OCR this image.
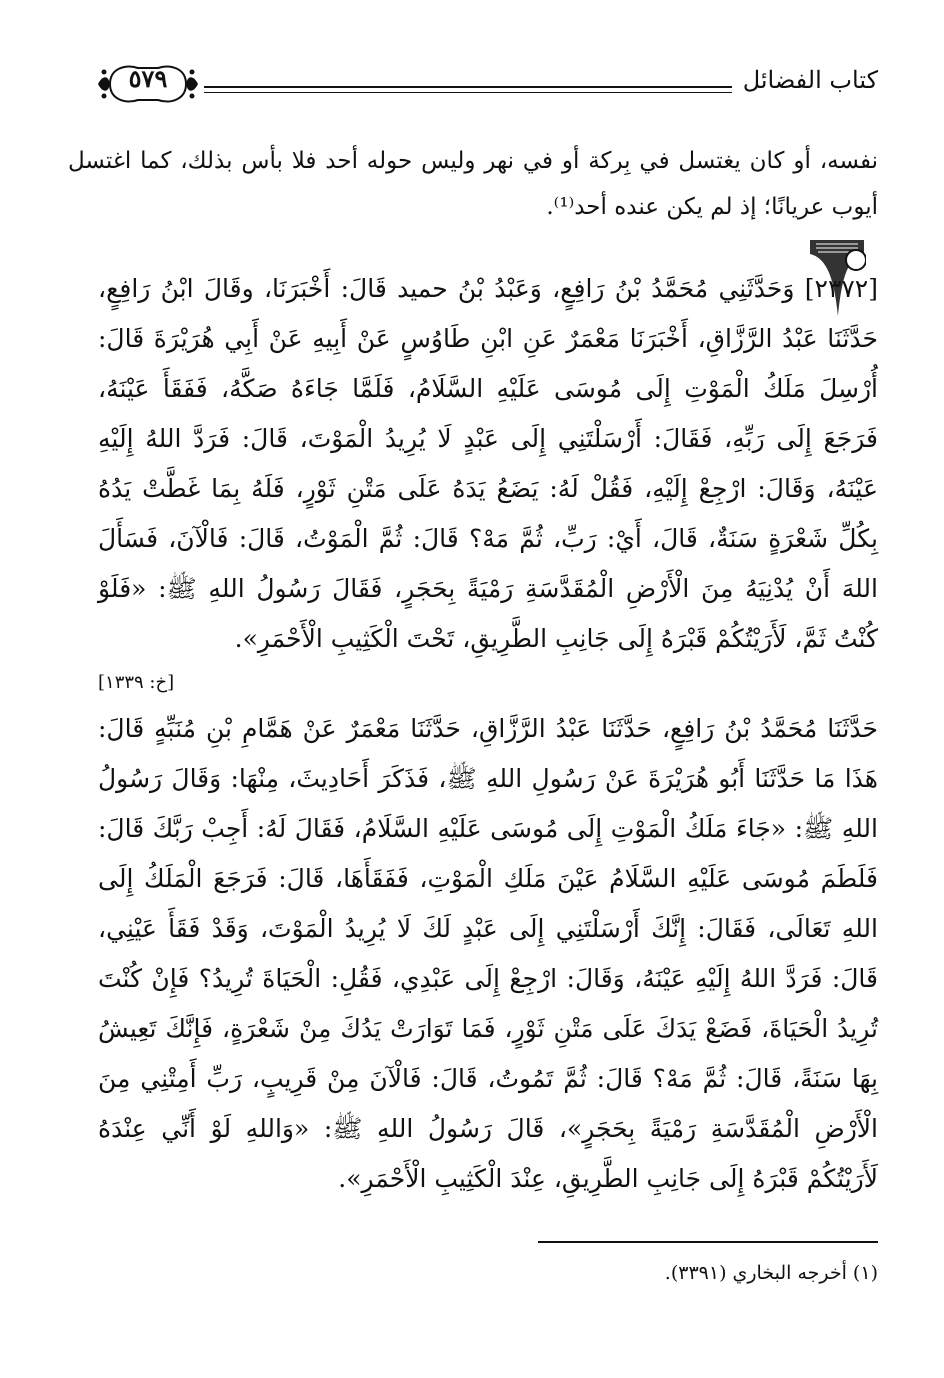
كتاب الفضائل
٥٧٩
نفسه، أو كان يغتسل في بِركة أو في نهر وليس حوله أحد فلا بأس بذلك، كما اغتسل أيوب عريانًا؛ إذ لم يكن عنده أحد⁽¹⁾.

[٢٣٧٢] وَحَدَّثَنِي مُحَمَّدُ بْنُ رَافِعٍ، وَعَبْدُ بْنُ حميد قَالَ: أَخْبَرَنَا، وقَالَ ابْنُ رَافِعٍ، حَدَّثَنَا عَبْدُ الرَّزَّاقِ، أَخْبَرَنَا مَعْمَرٌ عَنِ ابْنِ طَاوُسٍ عَنْ أَبِيهِ عَنْ أَبِي هُرَيْرَةَ قَالَ: أُرْسِلَ مَلَكُ الْمَوْتِ إِلَى مُوسَى عَلَيْهِ السَّلَامُ، فَلَمَّا جَاءَهُ صَكَّهُ، فَفَقَأَ عَيْنَهُ، فَرَجَعَ إِلَى رَبِّهِ، فَقَالَ: أَرْسَلْتَنِي إِلَى عَبْدٍ لَا يُرِيدُ الْمَوْتَ، قَالَ: فَرَدَّ اللهُ إِلَيْهِ عَيْنَهُ، وَقَالَ: ارْجِعْ إِلَيْهِ، فَقُلْ لَهُ: يَضَعُ يَدَهُ عَلَى مَتْنِ ثَوْرٍ، فَلَهُ بِمَا غَطَّتْ يَدُهُ بِكُلِّ شَعْرَةٍ سَنَةٌ، قَالَ، أَيْ: رَبِّ، ثُمَّ مَهْ؟ قَالَ: ثُمَّ الْمَوْتُ، قَالَ: فَالْآنَ، فَسَأَلَ اللهَ أَنْ يُدْنِيَهُ مِنَ الْأَرْضِ الْمُقَدَّسَةِ رَمْيَةً بِحَجَرٍ، فَقَالَ رَسُولُ اللهِ ﷺ: «فَلَوْ كُنْتُ ثَمَّ، لَأَرَيْتُكُمْ قَبْرَهُ إِلَى جَانِبِ الطَّرِيقِ، تَحْتَ الْكَثِيبِ الْأَحْمَرِ».

[خ: ١٣٣٩]

حَدَّثَنَا مُحَمَّدُ بْنُ رَافِعٍ، حَدَّثَنَا عَبْدُ الرَّزَّاقِ، حَدَّثَنَا مَعْمَرٌ عَنْ هَمَّامِ بْنِ مُنَبِّهٍ قَالَ: هَذَا مَا حَدَّثَنَا أَبُو هُرَيْرَةَ عَنْ رَسُولِ اللهِ ﷺ، فَذَكَرَ أَحَادِيثَ، مِنْهَا: وَقَالَ رَسُولُ اللهِ ﷺ: «جَاءَ مَلَكُ الْمَوْتِ إِلَى مُوسَى عَلَيْهِ السَّلَامُ، فَقَالَ لَهُ: أَجِبْ رَبَّكَ قَالَ: فَلَطَمَ مُوسَى عَلَيْهِ السَّلَامُ عَيْنَ مَلَكِ الْمَوْتِ، فَفَقَأَهَا، قَالَ: فَرَجَعَ الْمَلَكُ إِلَى اللهِ تَعَالَى، فَقَالَ: إِنَّكَ أَرْسَلْتَنِي إِلَى عَبْدٍ لَكَ لَا يُرِيدُ الْمَوْتَ، وَقَدْ فَقَأَ عَيْنِي، قَالَ: فَرَدَّ اللهُ إِلَيْهِ عَيْنَهُ، وَقَالَ: ارْجِعْ إِلَى عَبْدِي، فَقُلِ: الْحَيَاةَ تُرِيدُ؟ فَإِنْ كُنْتَ تُرِيدُ الْحَيَاةَ، فَضَعْ يَدَكَ عَلَى مَتْنِ ثَوْرٍ، فَمَا تَوَارَتْ يَدُكَ مِنْ شَعْرَةٍ، فَإِنَّكَ تَعِيشُ بِهَا سَنَةً، قَالَ: ثُمَّ مَهْ؟ قَالَ: ثُمَّ تَمُوتُ، قَالَ: فَالْآنَ مِنْ قَرِيبٍ، رَبِّ أَمِتْنِي مِنَ الْأَرْضِ الْمُقَدَّسَةِ رَمْيَةً بِحَجَرٍ»، قَالَ رَسُولُ اللهِ ﷺ: «وَاللهِ لَوْ أَنِّي عِنْدَهُ لَأَرَيْتُكُمْ قَبْرَهُ إِلَى جَانِبِ الطَّرِيقِ، عِنْدَ الْكَثِيبِ الْأَحْمَرِ».

(١) أخرجه البخاري (٣٣٩١).
